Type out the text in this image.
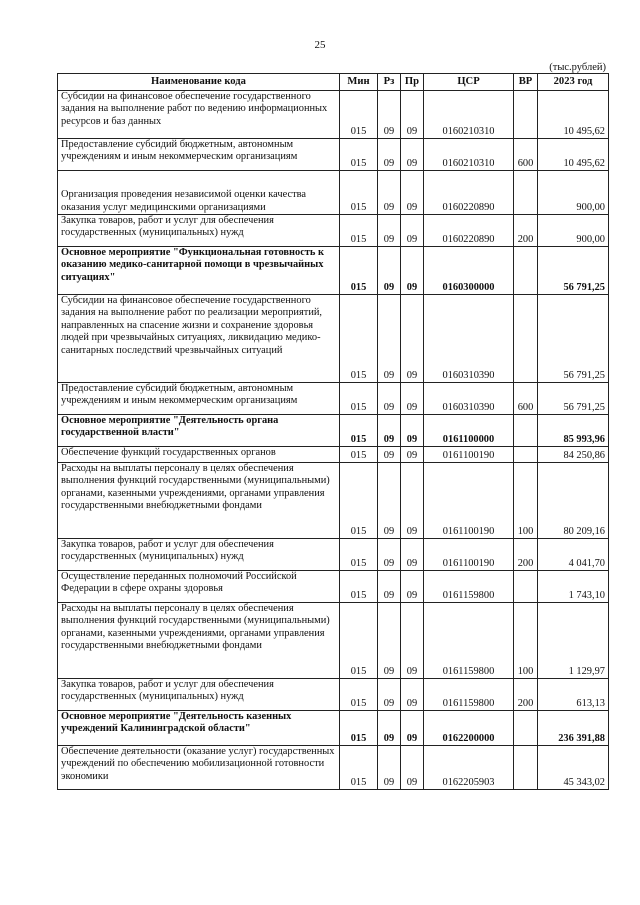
25
(тыс.рублей)
Наименование кода	Мин	Рз	Пр	ЦСР	ВР	2023 год
Субсидии на финансовое обеспечение государственного задания на выполнение работ по ведению информационных ресурсов и баз данных	015	09	09	0160210310		10 495,62
Предоставление субсидий бюджетным, автономным учреждениям и иным некоммерческим организациям	015	09	09	0160210310	600	10 495,62
Организация проведения независимой оценки качества оказания услуг медицинскими организациями	015	09	09	0160220890		900,00
Закупка товаров, работ и услуг для обеспечения государственных (муниципальных) нужд	015	09	09	0160220890	200	900,00
Основное мероприятие "Функциональная готовность к оказанию медико-санитарной помощи в чрезвычайных ситуациях"	015	09	09	0160300000		56 791,25
Субсидии на финансовое обеспечение государственного задания на выполнение работ по реализации мероприятий, направленных на спасение жизни и сохранение здоровья людей при чрезвычайных ситуациях, ликвидацию медико-санитарных последствий чрезвычайных ситуаций	015	09	09	0160310390		56 791,25
Предоставление субсидий бюджетным, автономным учреждениям и иным некоммерческим организациям	015	09	09	0160310390	600	56 791,25
Основное мероприятие "Деятельность органа государственной власти"	015	09	09	0161100000		85 993,96
Обеспечение функций государственных органов	015	09	09	0161100190		84 250,86
Расходы на выплаты персоналу в целях обеспечения выполнения функций государственными (муниципальными) органами, казенными учреждениями, органами управления государственными внебюджетными фондами	015	09	09	0161100190	100	80 209,16
Закупка товаров, работ и услуг для обеспечения государственных (муниципальных) нужд	015	09	09	0161100190	200	4 041,70
Осуществление переданных полномочий Российской Федерации в сфере охраны здоровья	015	09	09	0161159800		1 743,10
Расходы на выплаты персоналу в целях обеспечения выполнения функций государственными (муниципальными) органами, казенными учреждениями, органами управления государственными внебюджетными фондами	015	09	09	0161159800	100	1 129,97
Закупка товаров, работ и услуг для обеспечения государственных (муниципальных) нужд	015	09	09	0161159800	200	613,13
Основное мероприятие "Деятельность казенных учреждений Калининградской области"	015	09	09	0162200000		236 391,88
Обеспечение деятельности (оказание услуг) государственных учреждений по обеспечению мобилизационной готовности экономики	015	09	09	0162205903		45 343,02
